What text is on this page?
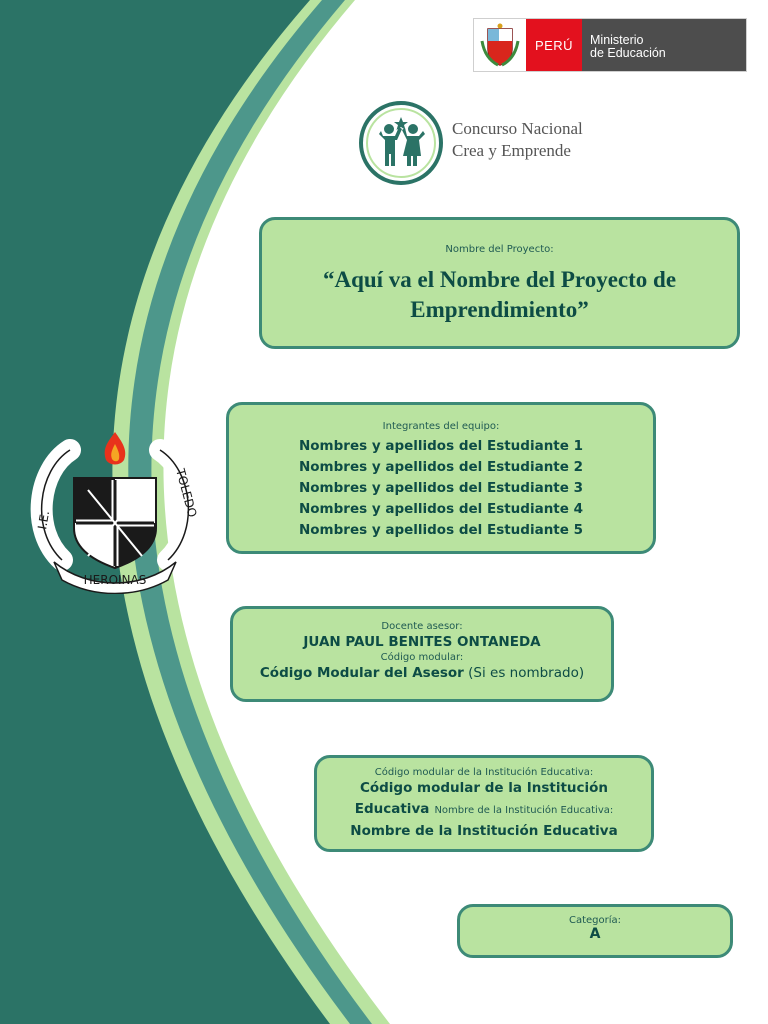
PERÚ	Ministerio
de Educación
Concurso Nacional
Crea y Emprende
Nombre del Proyecto:
“Aquí va el Nombre del Proyecto de Emprendimiento”
Integrantes del equipo:
Nombres y apellidos del Estudiante 1
Nombres y apellidos del Estudiante 2
Nombres y apellidos del Estudiante 3
Nombres y apellidos del Estudiante 4
Nombres y apellidos del Estudiante 5
Docente asesor:
JUAN PAUL BENITES ONTANEDA
Código modular:
Código Modular del Asesor (Si es nombrado)
Código modular de la Institución Educativa:
Código modular de la Institución
Educativa Nombre de la Institución Educativa:
Nombre de la Institución Educativa
Categoría:
A
I.E.
TOLEDO
HEROINAS
